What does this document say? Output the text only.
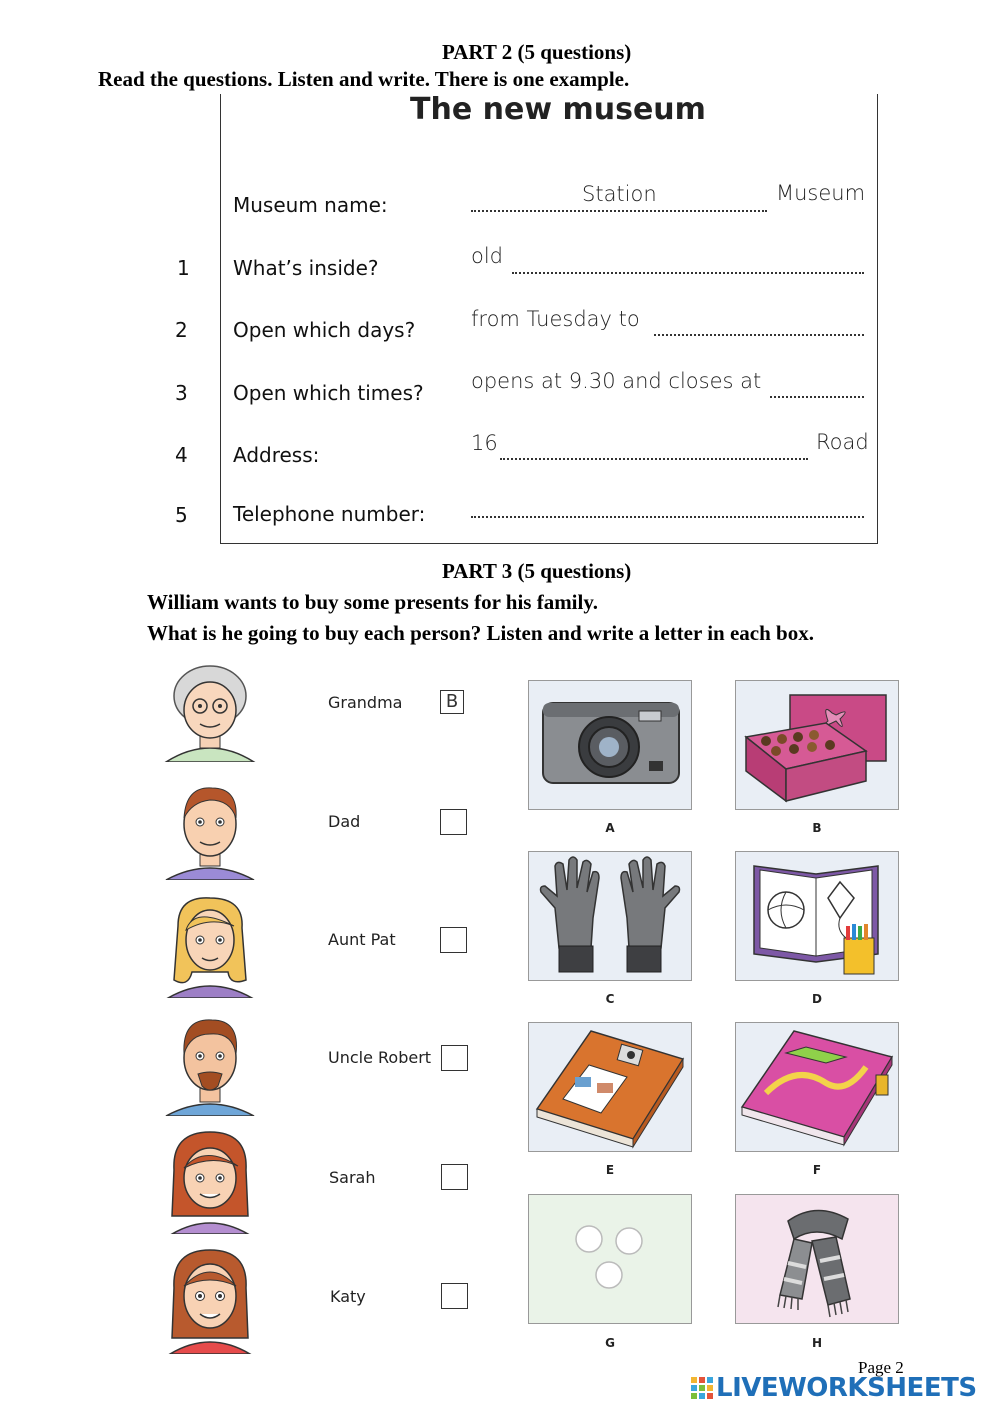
PART 2 (5 questions)
Read the questions. Listen and write. There is one example.
The new museum
Museum name:	Station	Museum
1 What’s inside?	old
2 Open which days?	from Tuesday to
3 Open which times? opens at 9.30 and closes at
4 Address:	16	Road
5 Telephone number:
PART 3 (5 questions)
William wants to buy some presents for his family.
What is he going to buy each person? Listen and write a letter in each box.
Grandma	B
Dad
Aunt Pat
Uncle Robert
Sarah
Katy
A	B
C	D
E	F
G	H
Page 2
LIVEWORKSHEETS
